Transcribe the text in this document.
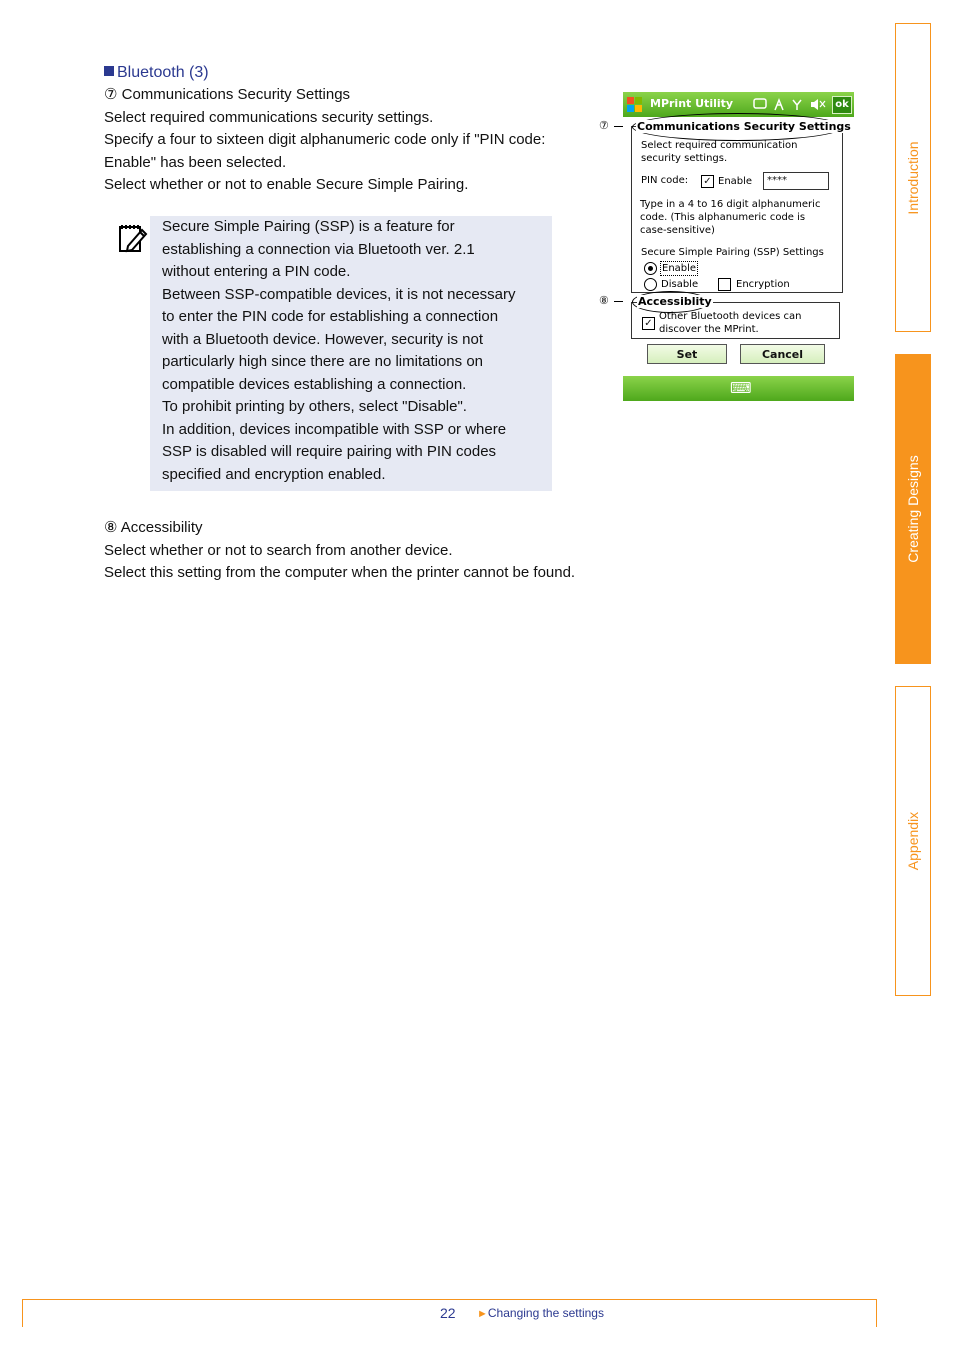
Bluetooth (3)
⑦ Communications Security Settings
Select required communications security settings.
Specify a four to sixteen digit alphanumeric code only if "PIN code:
Enable" has been selected.
Select whether or not to enable Secure Simple Pairing.
Secure Simple Pairing (SSP) is a feature for
establishing a connection via Bluetooth ver. 2.1
without entering a PIN code.
Between SSP-compatible devices, it is not necessary
to enter the PIN code for establishing a connection
with a Bluetooth device. However, security is not
particularly high since there are no limitations on
compatible devices establishing a connection.
To prohibit printing by others, select "Disable".
In addition, devices incompatible with SSP or where
SSP is disabled will require pairing with PIN codes
specified and encryption enabled.
⑧ Accessibility
Select whether or not to search from another device.
Select this setting from the computer when the printer cannot be found.
⑦
⑧
MPrint Utility	ok
Communications Security Settings
Select required communication
security settings.
PIN code: ✓ Enable	****
Type in a 4 to 16 digit alphanumeric
code. (This alphanumeric code is
case-sensitive)
Secure Simple Pairing (SSP) Settings
Enable
Disable	Encryption
Accessiblity
✓
Other Bluetooth devices can
discover the MPrint.
Set	Cancel
⌨
Introduction
Creating Designs
Appendix
22 ►Changing the settings
